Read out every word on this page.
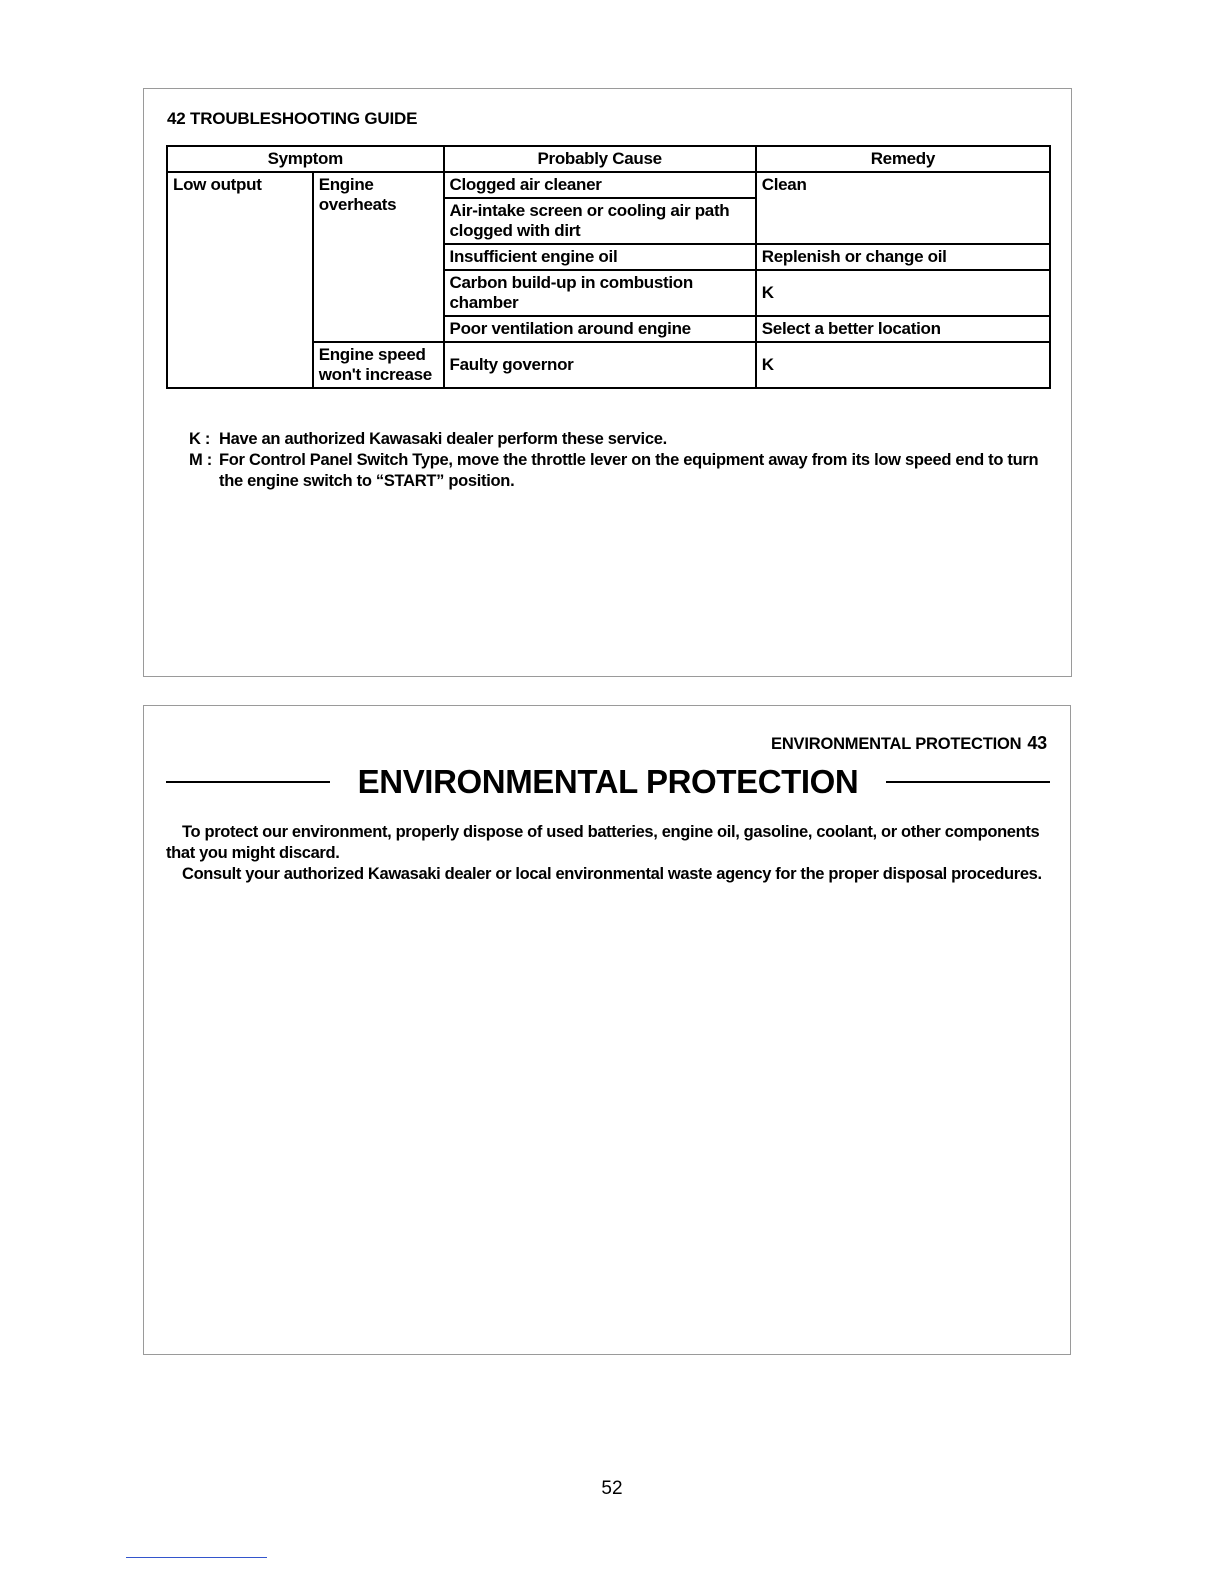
42 TROUBLESHOOTING GUIDE
Symptom		Probably Cause	Remedy
Low output	Engine overheats	Clogged air cleaner	Clean
		Air-intake screen or cooling air path clogged with dirt	
		Insufficient engine oil	Replenish or change oil
		Carbon build-up in combustion chamber	K
		Poor ventilation around engine	Select a better location
	Engine speed won't increase	Faulty governor	K
K : Have an authorized Kawasaki dealer perform these service.
M : For Control Panel Switch Type, move the throttle lever on the equipment away from its low speed end to turn the engine switch to “START” position.
ENVIRONMENTAL PROTECTION 43
ENVIRONMENTAL PROTECTION

To protect our environment, properly dispose of used batteries, engine oil, gasoline, coolant, or other components that you might discard.

Consult your authorized Kawasaki dealer or local environmental waste agency for the proper disposal procedures.

52
